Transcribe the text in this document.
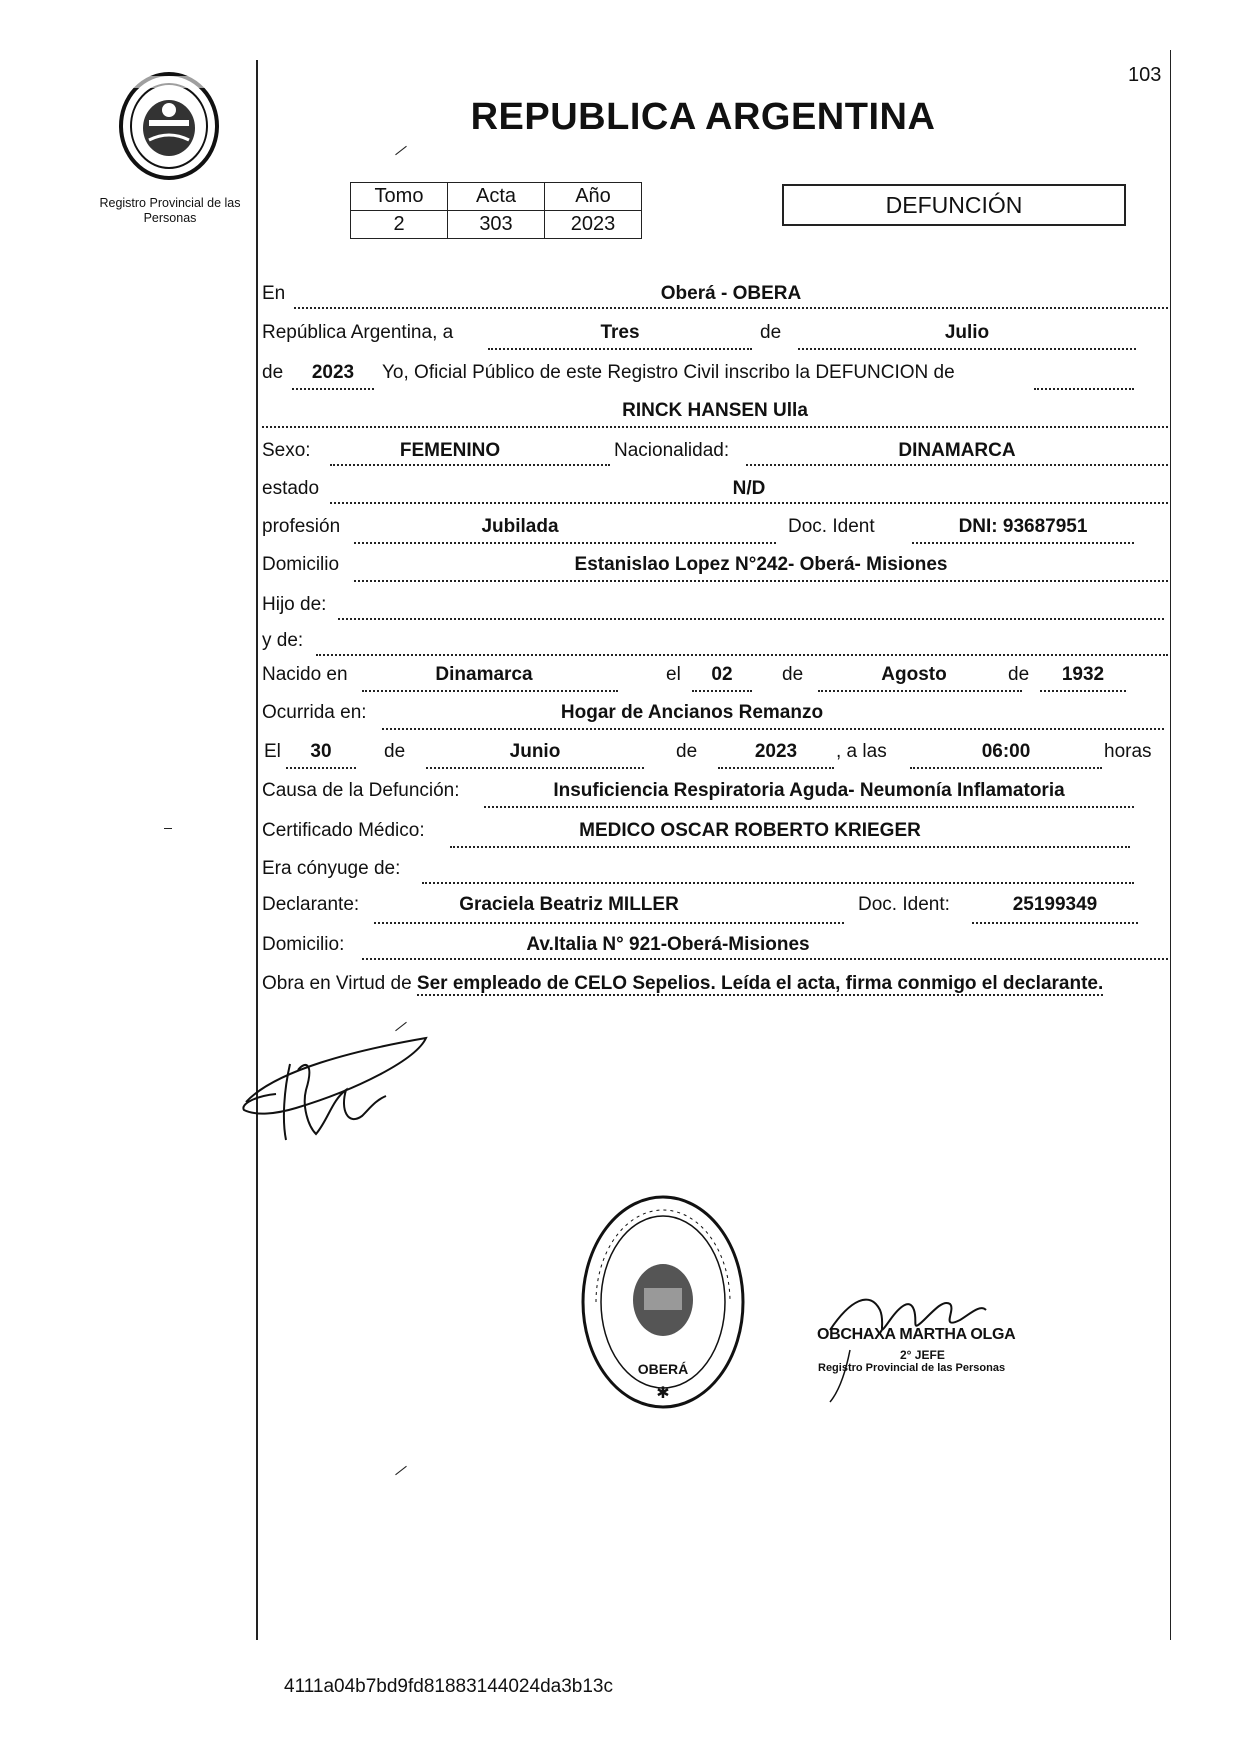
103
Registro Provincial de las Personas
REPUBLICA ARGENTINA
Tomo	Acta	Año
2	303	2023
DEFUNCIÓN
En	Oberá - OBERA
República Argentina, a	Tres	de	Julio
de	2023	Yo, Oficial Público de este Registro Civil inscribo la DEFUNCION de
RINCK HANSEN Ulla
Sexo:	FEMENINO	Nacionalidad:	DINAMARCA
estado	N/D
profesión	Jubilada	Doc. Ident	DNI: 93687951
Domicilio	Estanislao Lopez N°242- Oberá- Misiones
Hijo de:
y de:
Nacido en	Dinamarca	el	02	de	Agosto	de	1932
Ocurrida en:	Hogar de Ancianos Remanzo
El	30	de	Junio	de	2023	, a las	06:00	horas
Causa de la Defunción:	Insuficiencia Respiratoria Aguda- Neumonía Inflamatoria
Certificado Médico:	MEDICO OSCAR ROBERTO KRIEGER
Era cónyuge de:
Declarante:	Graciela Beatriz MILLER	Doc. Ident:	25199349
Domicilio:	Av.Italia N° 921-Oberá-Misiones
Obra en Virtud de Ser empleado de CELO Sepelios. Leída el acta, firma conmigo el declarante.
OBERÁ
✱
OBCHAXA MARTHA OLGA
2° JEFE
Registro Provincial de las Personas
4111a04b7bd9fd81883144024da3b13c
